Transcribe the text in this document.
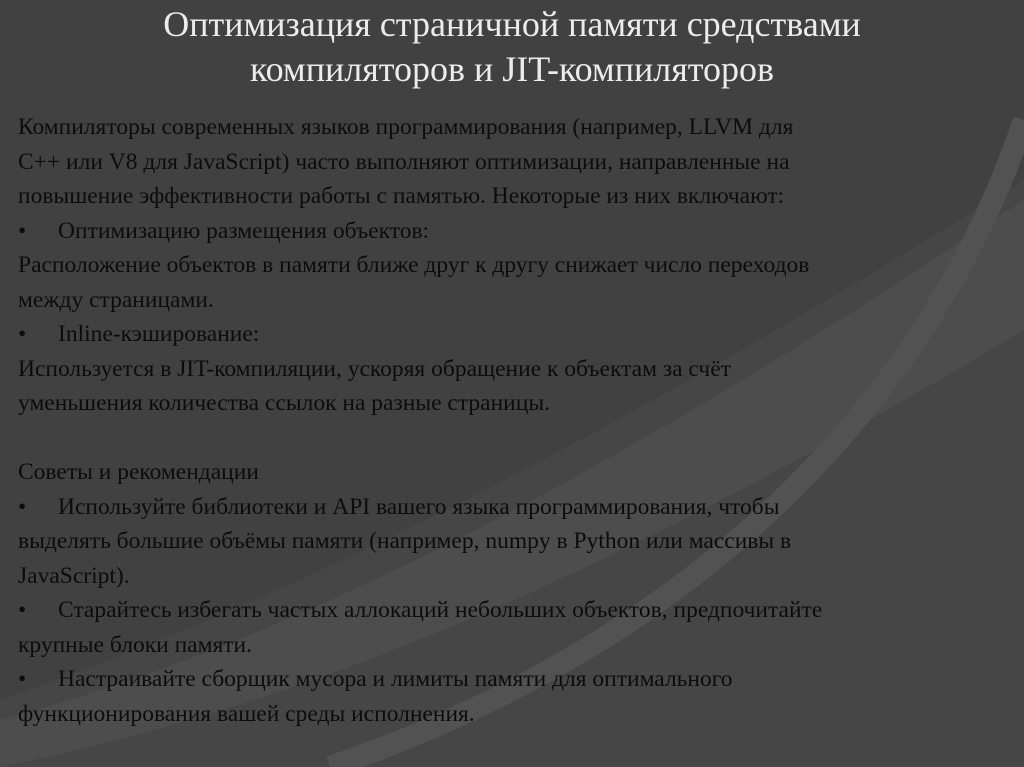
Оптимизация страничной памяти средствами
компиляторов и JIT-компиляторов
Компиляторы современных языков программирования (например, LLVM для
C++ или V8 для JavaScript) часто выполняют оптимизации, направленные на
повышение эффективности работы с памятью. Некоторые из них включают:
• Оптимизацию размещения объектов:
Расположение объектов в памяти ближе друг к другу снижает число переходов
между страницами.
• Inline-кэширование:
Используется в JIT-компиляции, ускоряя обращение к объектам за счёт
уменьшения количества ссылок на разные страницы.
Советы и рекомендации
• Используйте библиотеки и API вашего языка программирования, чтобы
выделять большие объёмы памяти (например, numpy в Python или массивы в
JavaScript).
• Старайтесь избегать частых аллокаций небольших объектов, предпочитайте
крупные блоки памяти.
• Настраивайте сборщик мусора и лимиты памяти для оптимального
функционирования вашей среды исполнения.
